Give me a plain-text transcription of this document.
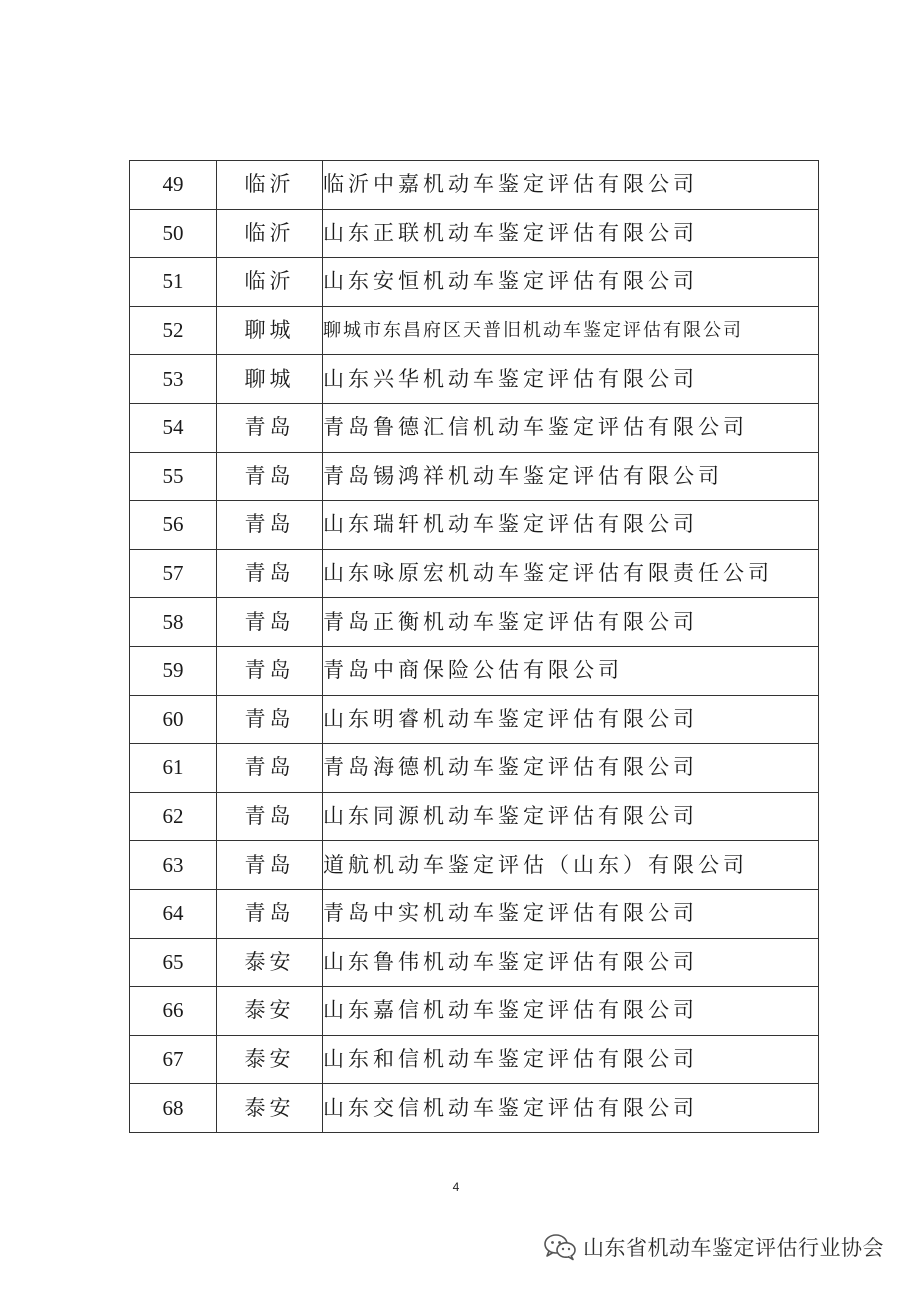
49	临沂	临沂中嘉机动车鉴定评估有限公司
50	临沂	山东正联机动车鉴定评估有限公司
51	临沂	山东安恒机动车鉴定评估有限公司
52	聊城	聊城市东昌府区天普旧机动车鉴定评估有限公司
53	聊城	山东兴华机动车鉴定评估有限公司
54	青岛	青岛鲁德汇信机动车鉴定评估有限公司
55	青岛	青岛锡鸿祥机动车鉴定评估有限公司
56	青岛	山东瑞轩机动车鉴定评估有限公司
57	青岛	山东咏原宏机动车鉴定评估有限责任公司
58	青岛	青岛正衡机动车鉴定评估有限公司
59	青岛	青岛中商保险公估有限公司
60	青岛	山东明睿机动车鉴定评估有限公司
61	青岛	青岛海德机动车鉴定评估有限公司
62	青岛	山东同源机动车鉴定评估有限公司
63	青岛	道航机动车鉴定评估（山东）有限公司
64	青岛	青岛中实机动车鉴定评估有限公司
65	泰安	山东鲁伟机动车鉴定评估有限公司
66	泰安	山东嘉信机动车鉴定评估有限公司
67	泰安	山东和信机动车鉴定评估有限公司
68	泰安	山东交信机动车鉴定评估有限公司
4
山东省机动车鉴定评估行业协会
